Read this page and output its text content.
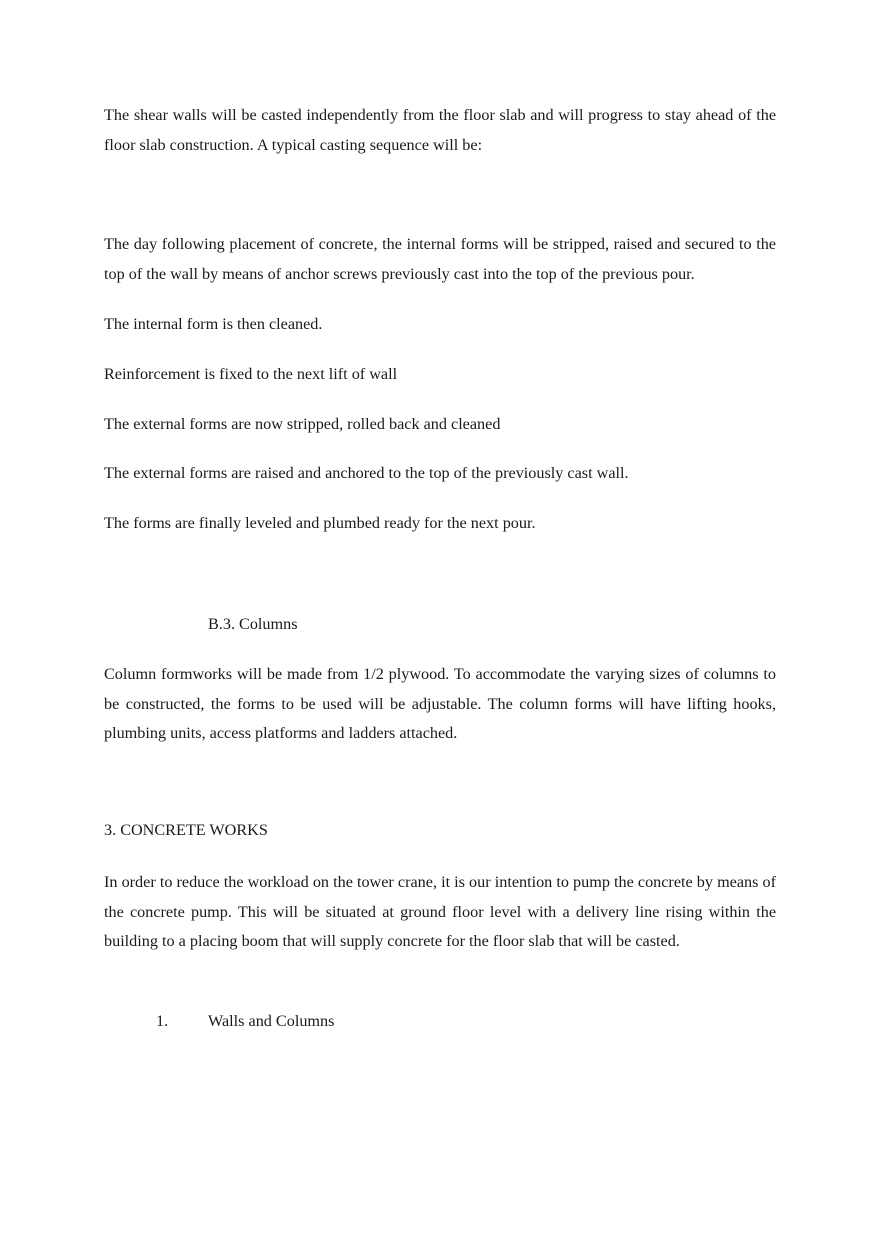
The shear walls will be casted independently from the floor slab and will progress to stay ahead of the floor slab construction. A typical casting sequence will be:

The day following placement of concrete, the internal forms will be stripped, raised and secured to the top of the wall by means of anchor screws previously cast into the top of the previous pour.

The internal form is then cleaned.

Reinforcement is fixed to the next lift of wall

The external forms are now stripped, rolled back and cleaned

The external forms are raised and anchored to the top of the previously cast wall.

The forms are finally leveled and plumbed ready for the next pour.

B.3. Columns

Column formworks will be made from 1/2 plywood. To accommodate the varying sizes of columns to be constructed, the forms to be used will be adjustable. The column forms will have lifting hooks, plumbing units, access platforms and ladders attached.

3. CONCRETE WORKS

In order to reduce the workload on the tower crane, it is our intention to pump the concrete by means of the concrete pump. This will be situated at ground floor level with a delivery line rising within the building to a placing boom that will supply concrete for the floor slab that will be casted.

1. Walls and Columns
